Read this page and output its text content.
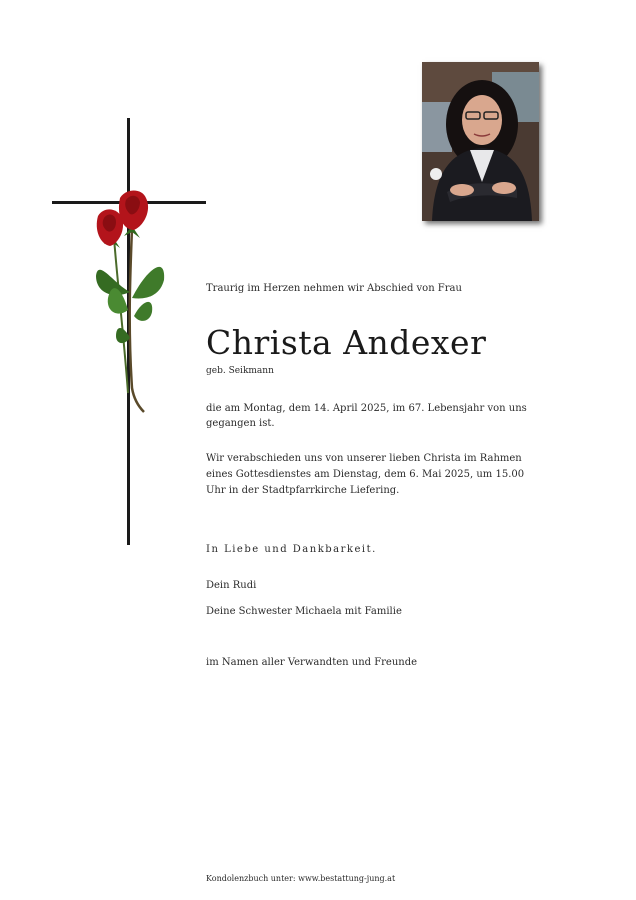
Traurig im Herzen nehmen wir Abschied von Frau

Christa Andexer

geb. Seikmann

die am Montag, dem 14. April 2025, im 67. Lebensjahr von uns gegangen ist.

Wir verabschieden uns von unserer lieben Christa im Rahmen eines Gottesdienstes am Dienstag, dem 6. Mai 2025, um 15.00 Uhr in der Stadtpfarrkirche Liefering.

In Liebe und Dankbarkeit.

Dein Rudi

Deine Schwester Michaela mit Familie

im Namen aller Verwandten und Freunde

Kondolenzbuch unter: www.bestattung-jung.at
